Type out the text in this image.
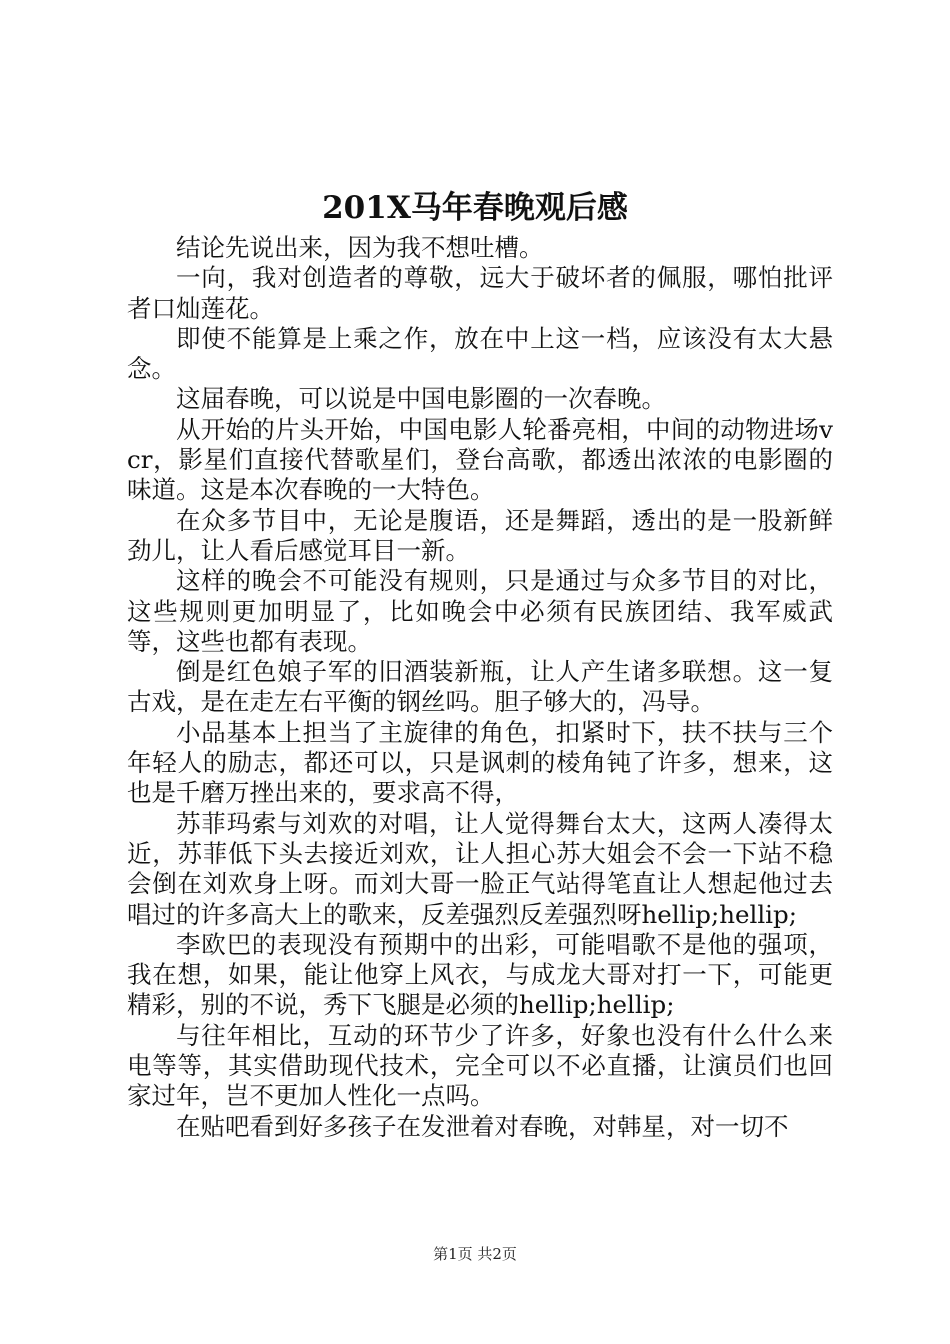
201X马年春晚观后感

结论先说出来，因为我不想吐槽。

一向，我对创造者的尊敬，远大于破坏者的佩服，哪怕批评者口灿莲花。

即使不能算是上乘之作，放在中上这一档，应该没有太大悬念。

这届春晚，可以说是中国电影圈的一次春晚。

从开始的片头开始，中国电影人轮番亮相，中间的动物进场vcr，影星们直接代替歌星们，登台高歌，都透出浓浓的电影圈的味道。这是本次春晚的一大特色。

在众多节目中，无论是腹语，还是舞蹈，透出的是一股新鲜劲儿，让人看后感觉耳目一新。

这样的晚会不可能没有规则，只是通过与众多节目的对比，这些规则更加明显了，比如晚会中必须有民族团结、我军威武等，这些也都有表现。

倒是红色娘子军的旧酒装新瓶，让人产生诸多联想。这一复古戏，是在走左右平衡的钢丝吗。胆子够大的，冯导。

小品基本上担当了主旋律的角色，扣紧时下，扶不扶与三个年轻人的励志，都还可以，只是讽刺的棱角钝了许多，想来，这也是千磨万挫出来的，要求高不得，

苏菲玛索与刘欢的对唱，让人觉得舞台太大，这两人凑得太近，苏菲低下头去接近刘欢，让人担心苏大姐会不会一下站不稳会倒在刘欢身上呀。而刘大哥一脸正气站得笔直让人想起他过去唱过的许多高大上的歌来，反差强烈反差强烈呀hellip;hellip;

李欧巴的表现没有预期中的出彩，可能唱歌不是他的强项，我在想，如果，能让他穿上风衣，与成龙大哥对打一下，可能更精彩，别的不说，秀下飞腿是必须的hellip;hellip;

与往年相比，互动的环节少了许多，好象也没有什么什么来电等等，其实借助现代技术，完全可以不必直播，让演员们也回家过年，岂不更加人性化一点吗。

在贴吧看到好多孩子在发泄着对春晚，对韩星，对一切不

第1页 共2页
